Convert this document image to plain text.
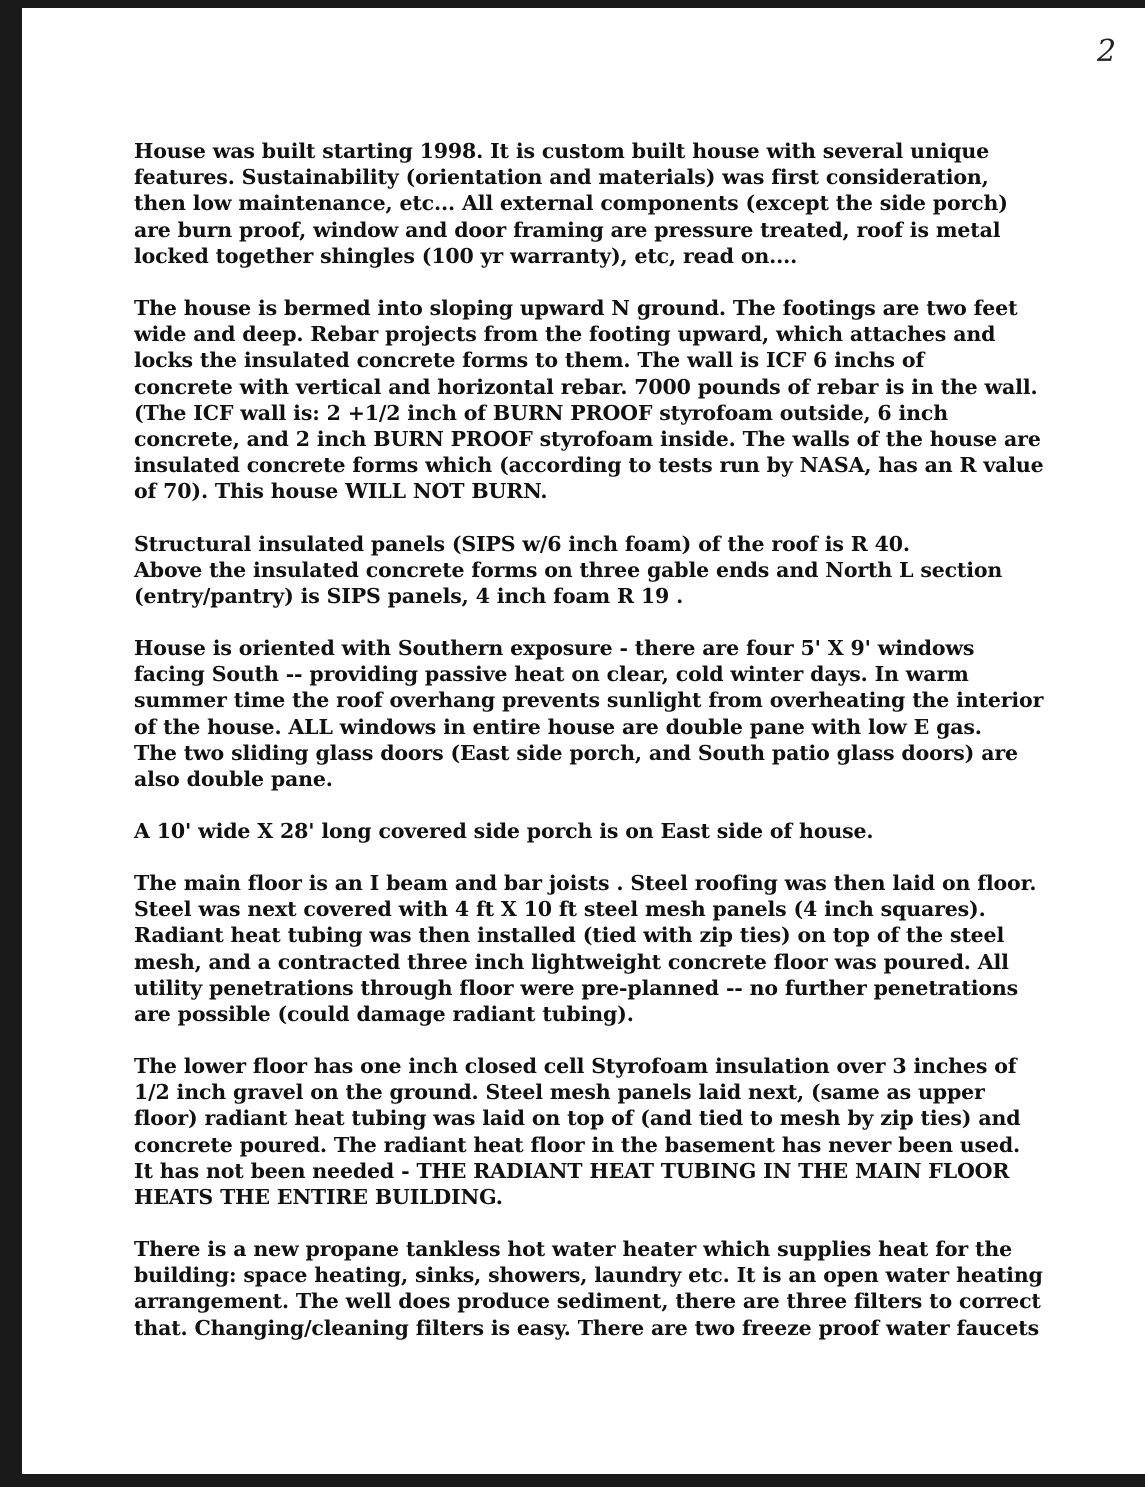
2
House was built starting 1998. It is custom built house with several unique
features. Sustainability (orientation and materials) was first consideration,
then low maintenance, etc... All external components (except the side porch)
are burn proof, window and door framing are pressure treated, roof is metal
locked together shingles (100 yr warranty), etc, read on....
The house is bermed into sloping upward N ground. The footings are two feet
wide and deep. Rebar projects from the footing upward, which attaches and
locks the insulated concrete forms to them. The wall is ICF 6 inchs of
concrete with vertical and horizontal rebar. 7000 pounds of rebar is in the wall.
(The ICF wall is: 2 +1/2 inch of BURN PROOF styrofoam outside, 6 inch
concrete, and 2 inch BURN PROOF styrofoam inside. The walls of the house are
insulated concrete forms which (according to tests run by NASA, has an R value
of 70). This house WILL NOT BURN.
Structural insulated panels (SIPS w/6 inch foam) of the roof is R 40.
Above the insulated concrete forms on three gable ends and North L section
(entry/pantry) is SIPS panels, 4 inch foam R 19 .
House is oriented with Southern exposure - there are four 5' X 9' windows
facing South -- providing passive heat on clear, cold winter days. In warm
summer time the roof overhang prevents sunlight from overheating the interior
of the house. ALL windows in entire house are double pane with low E gas.
The two sliding glass doors (East side porch, and South patio glass doors) are
also double pane.
A 10' wide X 28' long covered side porch is on East side of house.
The main floor is an I beam and bar joists . Steel roofing was then laid on floor.
Steel was next covered with 4 ft X 10 ft steel mesh panels (4 inch squares).
Radiant heat tubing was then installed (tied with zip ties) on top of the steel
mesh, and a contracted three inch lightweight concrete floor was poured. All
utility penetrations through floor were pre-planned -- no further penetrations
are possible (could damage radiant tubing).
The lower floor has one inch closed cell Styrofoam insulation over 3 inches of
1/2 inch gravel on the ground. Steel mesh panels laid next, (same as upper
floor) radiant heat tubing was laid on top of (and tied to mesh by zip ties) and
concrete poured. The radiant heat floor in the basement has never been used.
It has not been needed - THE RADIANT HEAT TUBING IN THE MAIN FLOOR
HEATS THE ENTIRE BUILDING.
There is a new propane tankless hot water heater which supplies heat for the
building: space heating, sinks, showers, laundry etc. It is an open water heating
arrangement. The well does produce sediment, there are three filters to correct
that. Changing/cleaning filters is easy. There are two freeze proof water faucets
